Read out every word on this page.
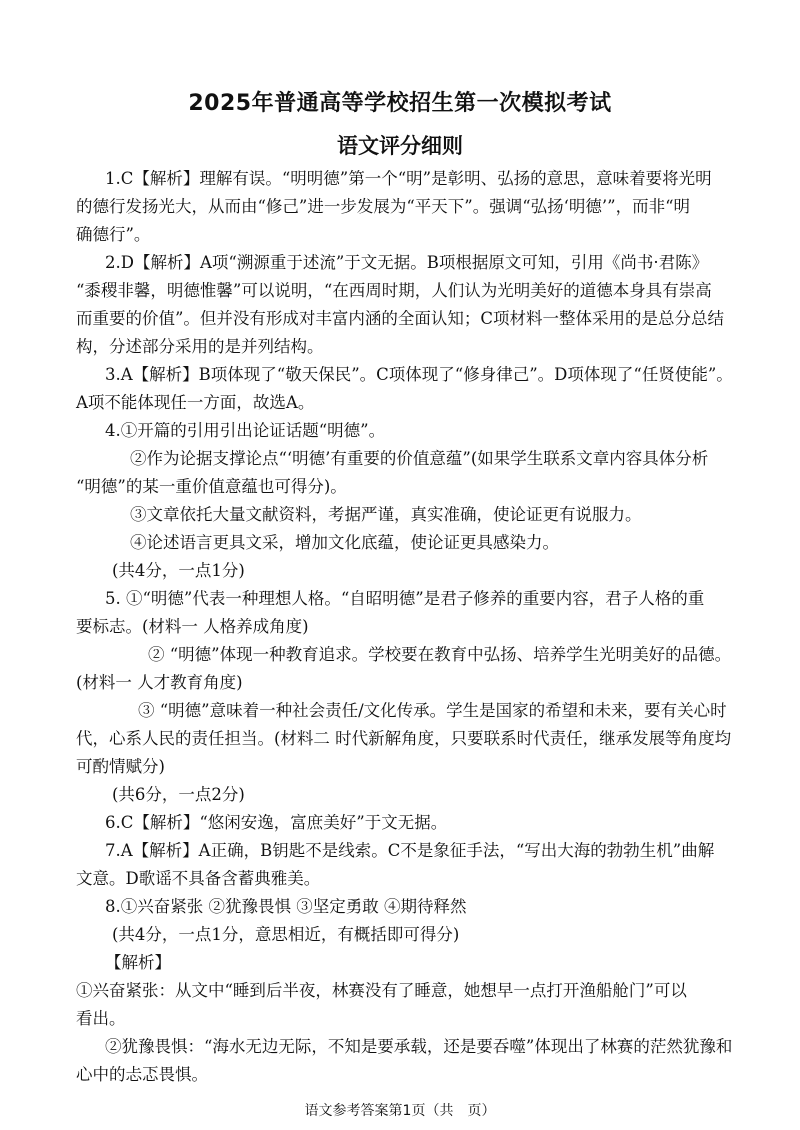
2025年普通高等学校招生第一次模拟考试
语文评分细则
1.C【解析】理解有误。“明明德”第一个“明”是彰明、弘扬的意思，意味着要将光明
的德行发扬光大，从而由“修己”进一步发展为“平天下”。强调“弘扬‘明德’”，而非“明
确德行”。
2.D【解析】A项“溯源重于述流”于文无据。B项根据原文可知，引用《尚书·君陈》
“黍稷非馨，明德惟馨”可以说明，“在西周时期，人们认为光明美好的道德本身具有崇高
而重要的价值”。但并没有形成对丰富内涵的全面认知；C项材料一整体采用的是总分总结
构，分述部分采用的是并列结构。
3.A【解析】B项体现了“敬天保民”。C项体现了“修身律己”。D项体现了“任贤使能”。
A项不能体现任一方面，故选A。
4.①开篇的引用引出论证话题“明德”。
②作为论据支撑论点“‘明德’有重要的价值意蕴”(如果学生联系文章内容具体分析
“明德”的某一重价值意蕴也可得分)。
③文章依托大量文献资料，考据严谨，真实准确，使论证更有说服力。
④论述语言更具文采，增加文化底蕴，使论证更具感染力。
(共4分，一点1分)
5. ①“明德”代表一种理想人格。“自昭明德”是君子修养的重要内容，君子人格的重
要标志。(材料一 人格养成角度)
② “明德”体现一种教育追求。学校要在教育中弘扬、培养学生光明美好的品德。
(材料一 人才教育角度)
③ “明德”意味着一种社会责任/文化传承。学生是国家的希望和未来，要有关心时
代，心系人民的责任担当。(材料二 时代新解角度，只要联系时代责任，继承发展等角度均
可酌情赋分)
(共6分，一点2分)
6.C【解析】“悠闲安逸，富庶美好”于文无据。
7.A【解析】A正确，B钥匙不是线索。C不是象征手法，“写出大海的勃勃生机”曲解
文意。D歌谣不具备含蓄典雅美。
8.①兴奋紧张 ②犹豫畏惧 ③坚定勇敢 ④期待释然
(共4分，一点1分，意思相近，有概括即可得分)
【解析】
①兴奋紧张：从文中“睡到后半夜，林赛没有了睡意，她想早一点打开渔船舱门”可以
看出。
②犹豫畏惧：“海水无边无际，不知是要承载，还是要吞噬”体现出了林赛的茫然犹豫和
心中的忐忑畏惧。
语文参考答案第1页（共　页）
